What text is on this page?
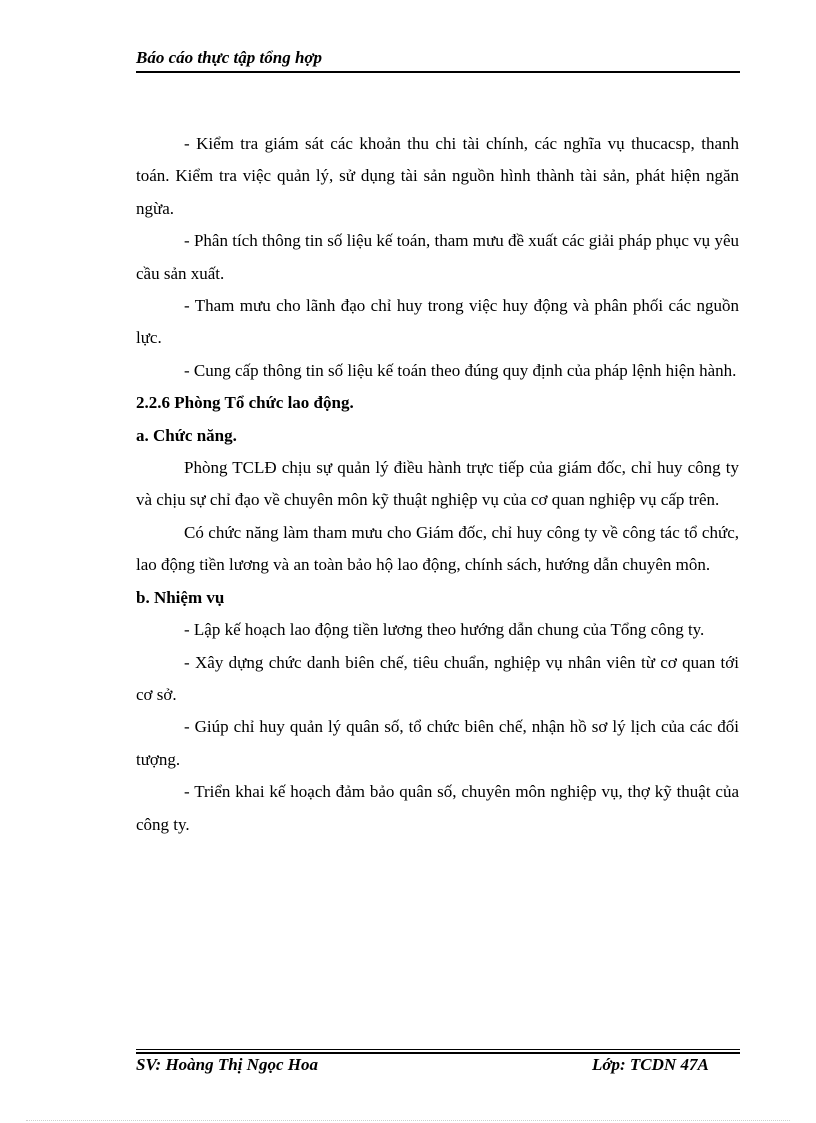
Báo cáo thực tập tổng hợp

- Kiểm tra giám sát các khoản thu chi tài chính, các nghĩa vụ thucacsp, thanh toán. Kiểm tra việc quản lý, sử dụng tài sản nguồn hình thành tài sản, phát hiện ngăn ngừa.

- Phân tích thông tin số liệu kế toán, tham mưu đề xuất các giải pháp phục vụ yêu cầu sản xuất.

- Tham mưu cho lãnh đạo chỉ huy trong việc huy động và phân phối các nguồn lực.

- Cung cấp thông tin số liệu kế toán theo đúng quy định của pháp lệnh hiện hành.

2.2.6 Phòng Tổ chức lao động.

a. Chức năng.

Phòng TCLĐ chịu sự quản lý điều hành trực tiếp của giám đốc, chỉ huy công ty và chịu sự chỉ đạo về chuyên môn kỹ thuật nghiệp vụ của cơ quan nghiệp vụ cấp trên.

Có chức năng làm tham mưu cho Giám đốc, chỉ huy công ty về công tác tổ chức, lao động tiền lương và an toàn bảo hộ lao động, chính sách, hướng dẫn chuyên môn.

b. Nhiệm vụ

- Lập kế hoạch lao động tiền lương theo hướng dẫn chung của Tổng công ty.

- Xây dựng chức danh biên chế, tiêu chuẩn, nghiệp vụ nhân viên từ cơ quan tới cơ sở.

- Giúp chỉ huy quản lý quân số, tổ chức biên chế, nhận hồ sơ lý lịch của các đối tượng.

- Triển khai kế hoạch đảm bảo quân số, chuyên môn nghiệp vụ, thợ kỹ thuật của công ty.

SV: Hoàng Thị Ngọc Hoa	Lớp: TCDN 47A
